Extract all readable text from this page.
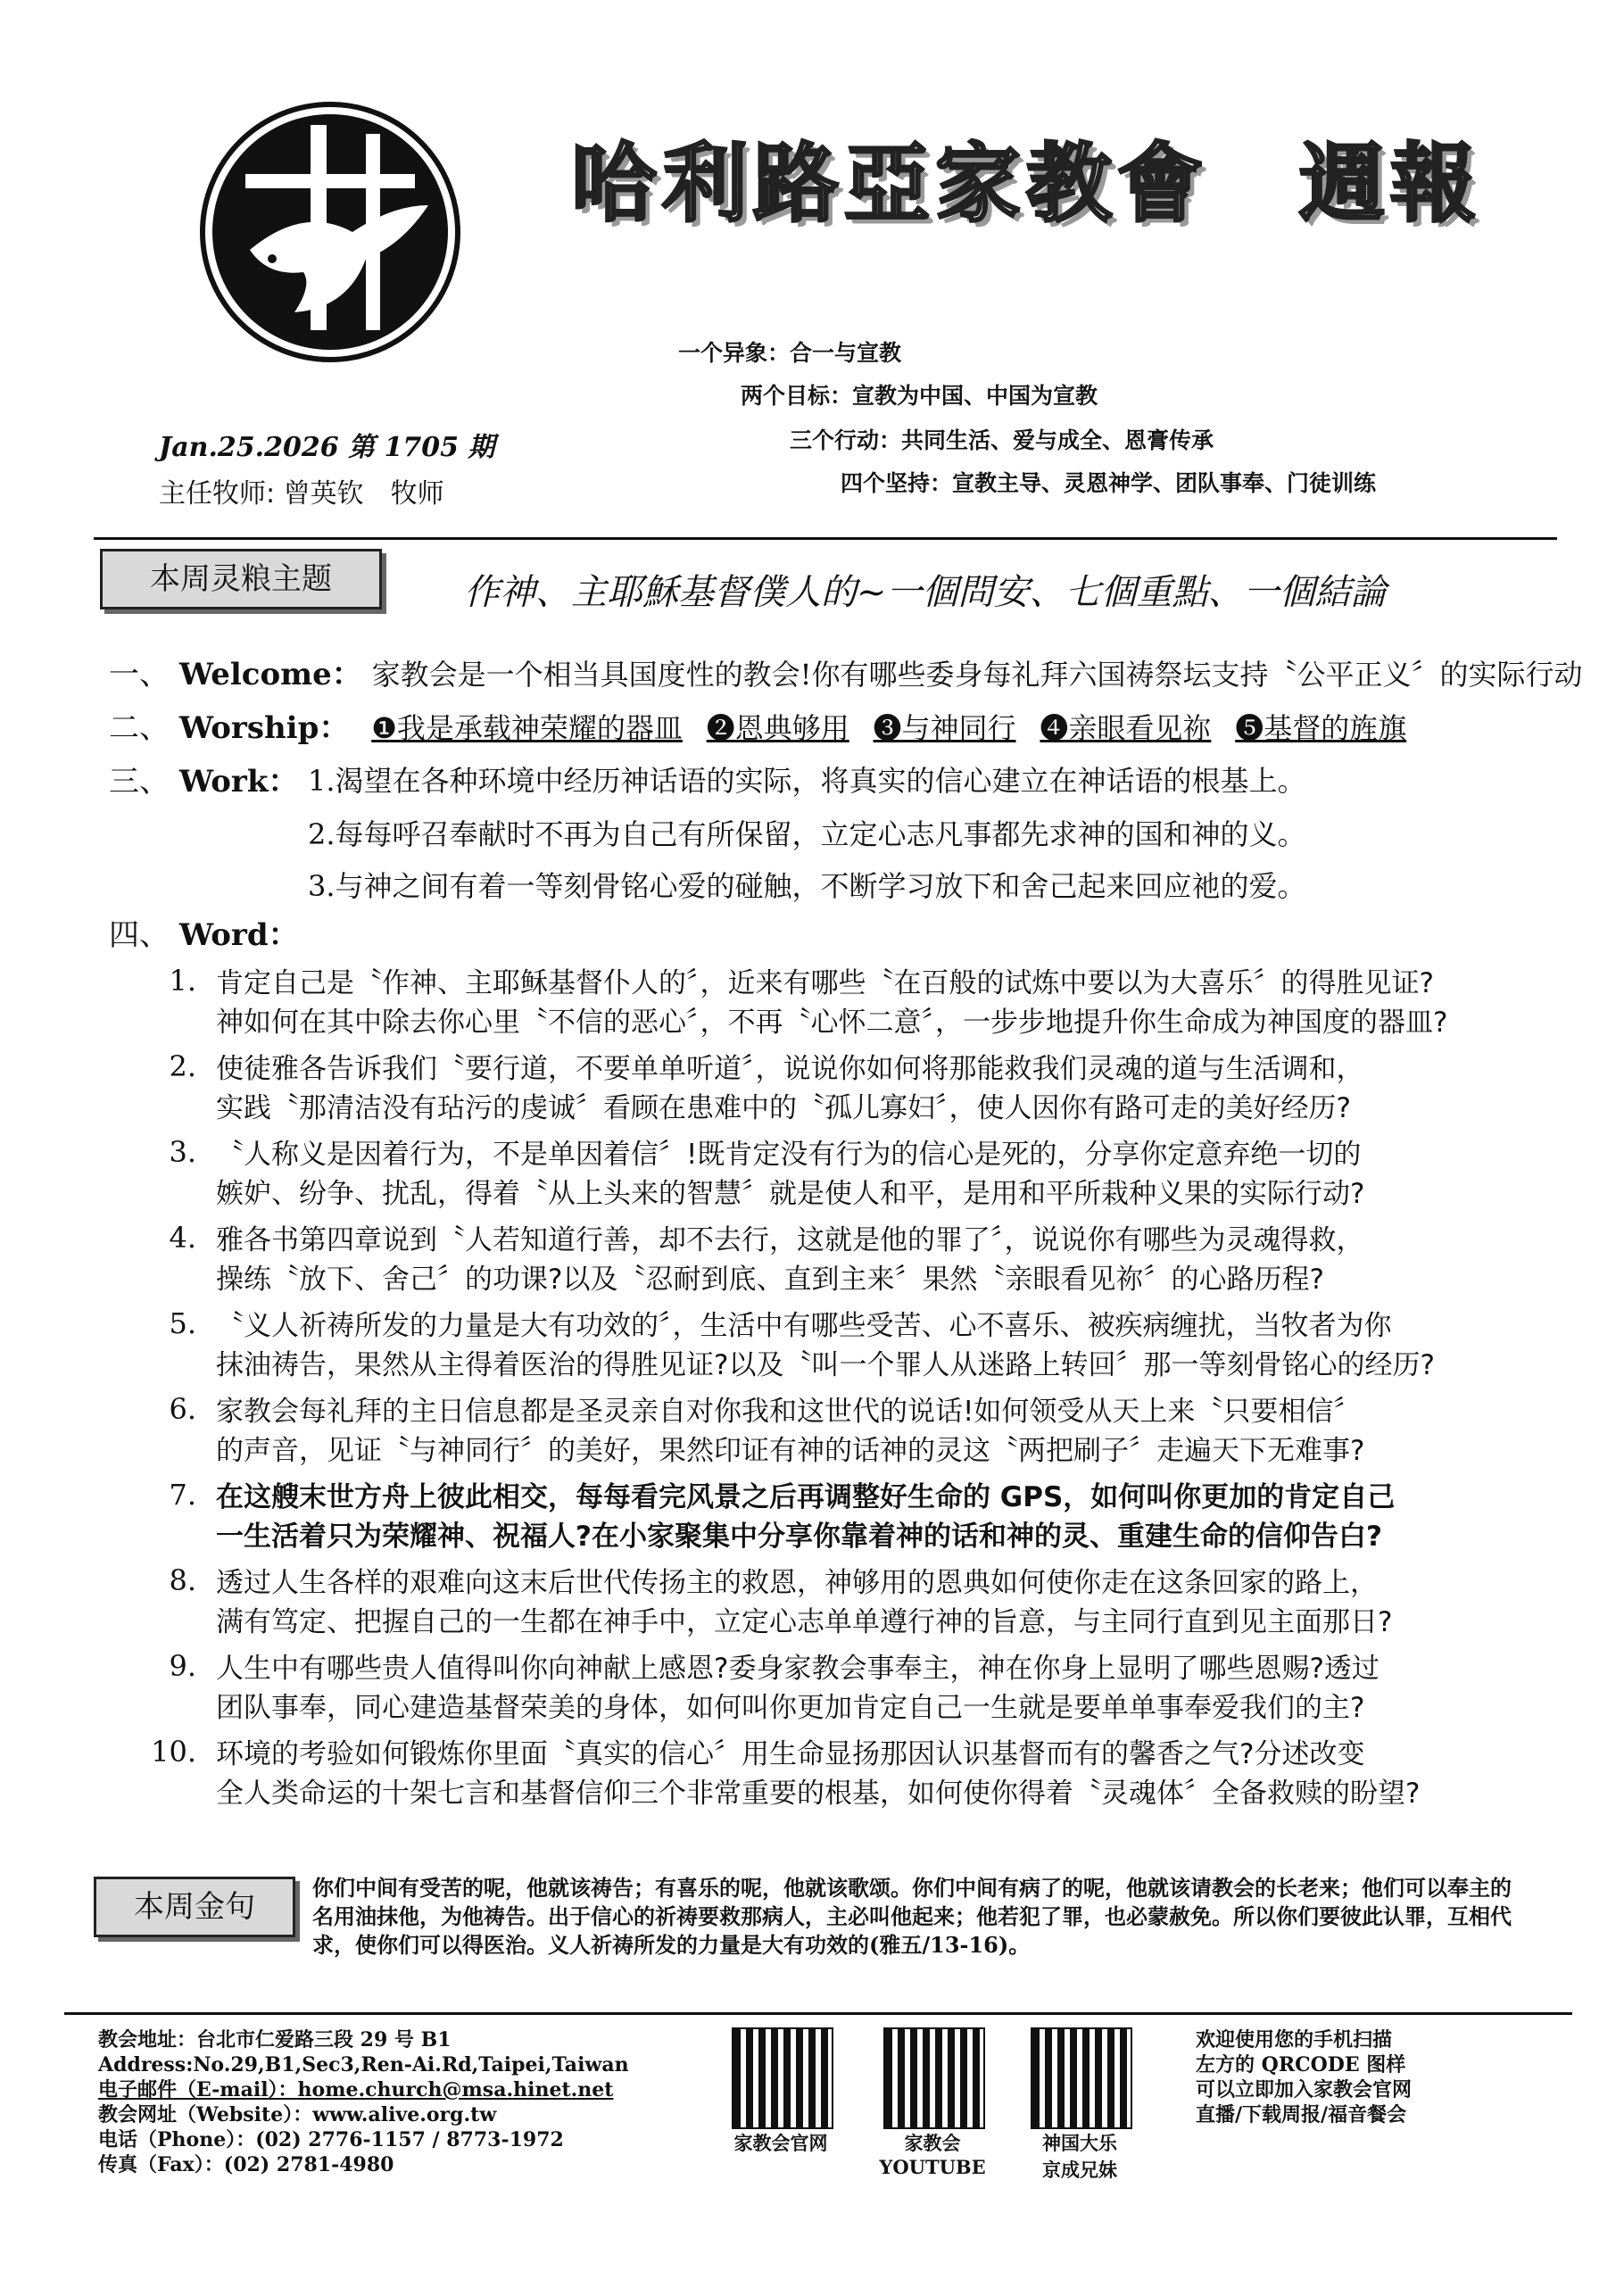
哈利路亞家教會　週報
一个异象：合一与宣教
两个目标：宣教为中国、中国为宣教
三个行动：共同生活、爱与成全、恩膏传承
四个坚持：宣教主导、灵恩神学、团队事奉、门徒训练
Jan.25.2026 第 1705 期
主任牧师: 曾英钦　牧师
本周灵粮主题	作神、主耶穌基督僕人的~一個問安、七個重點、一個結論
一、 Welcome： 家教会是一个相当具国度性的教会!你有哪些委身每礼拜六国祷祭坛支持〝公平正义〞的实际行动
二、 Worship： ❶我是承载神荣耀的器皿 ❷恩典够用 ❸与神同行 ❹亲眼看见祢 ❺基督的旌旗
三、 Work： 1.渴望在各种环境中经历神话语的实际，将真实的信心建立在神话语的根基上。
2.每每呼召奉献时不再为自己有所保留，立定心志凡事都先求神的国和神的义。
3.与神之间有着一等刻骨铭心爱的碰触，不断学习放下和舍己起来回应祂的爱。
四、 Word：
1. 肯定自己是〝作神、主耶稣基督仆人的〞，近来有哪些〝在百般的试炼中要以为大喜乐〞的得胜见证?
神如何在其中除去你心里〝不信的恶心〞，不再〝心怀二意〞，一步步地提升你生命成为神国度的器皿?
2. 使徒雅各告诉我们〝要行道，不要单单听道〞，说说你如何将那能救我们灵魂的道与生活调和，
实践〝那清洁没有玷污的虔诚〞看顾在患难中的〝孤儿寡妇〞，使人因你有路可走的美好经历?
3. 〝人称义是因着行为，不是单因着信〞!既肯定没有行为的信心是死的，分享你定意弃绝一切的
嫉妒、纷争、扰乱，得着〝从上头来的智慧〞就是使人和平，是用和平所栽种义果的实际行动?
4. 雅各书第四章说到〝人若知道行善，却不去行，这就是他的罪了〞，说说你有哪些为灵魂得救，
操练〝放下、舍己〞的功课?以及〝忍耐到底、直到主来〞果然〝亲眼看见祢〞的心路历程?
5. 〝义人祈祷所发的力量是大有功效的〞，生活中有哪些受苦、心不喜乐、被疾病缠扰，当牧者为你
抹油祷告，果然从主得着医治的得胜见证?以及〝叫一个罪人从迷路上转回〞那一等刻骨铭心的经历?
6. 家教会每礼拜的主日信息都是圣灵亲自对你我和这世代的说话!如何领受从天上来〝只要相信〞
的声音，见证〝与神同行〞的美好，果然印证有神的话神的灵这〝两把刷子〞走遍天下无难事?
7. 在这艘末世方舟上彼此相交，每每看完风景之后再调整好生命的 GPS，如何叫你更加的肯定自己
一生活着只为荣耀神、祝福人?在小家聚集中分享你靠着神的话和神的灵、重建生命的信仰告白?
8. 透过人生各样的艰难向这末后世代传扬主的救恩，神够用的恩典如何使你走在这条回家的路上，
满有笃定、把握自己的一生都在神手中，立定心志单单遵行神的旨意，与主同行直到见主面那日?
9. 人生中有哪些贵人值得叫你向神献上感恩?委身家教会事奉主，神在你身上显明了哪些恩赐?透过
团队事奉，同心建造基督荣美的身体，如何叫你更加肯定自己一生就是要单单事奉爱我们的主?
10. 环境的考验如何锻炼你里面〝真实的信心〞用生命显扬那因认识基督而有的馨香之气?分述改变
全人类命运的十架七言和基督信仰三个非常重要的根基，如何使你得着〝灵魂体〞全备救赎的盼望?
本周金句
你们中间有受苦的呢，他就该祷告；有喜乐的呢，他就该歌颂。你们中间有病了的呢，他就该请教会的长老来；他们可以奉主的名用油抹他，为他祷告。出于信心的祈祷要救那病人，主必叫他起来；他若犯了罪，也必蒙赦免。所以你们要彼此认罪，互相代求，使你们可以得医治。义人祈祷所发的力量是大有功效的(雅五/13-16)。
教会地址：台北市仁爱路三段 29 号 B1
Address:No.29,B1,Sec3,Ren-Ai.Rd,Taipei,Taiwan
电子邮件（E-mail）：home.church@msa.hinet.net
教会网址（Website）：www.alive.org.tw
电话（Phone）：(02) 2776-1157 / 8773-1972
传真（Fax）：(02) 2781-4980
家教会官网	家教会
YOUTUBE
神国大乐
京成兄妹
欢迎使用您的手机扫描
左方的 QRCODE 图样
可以立即加入家教会官网
直播/下载周报/福音餐会
